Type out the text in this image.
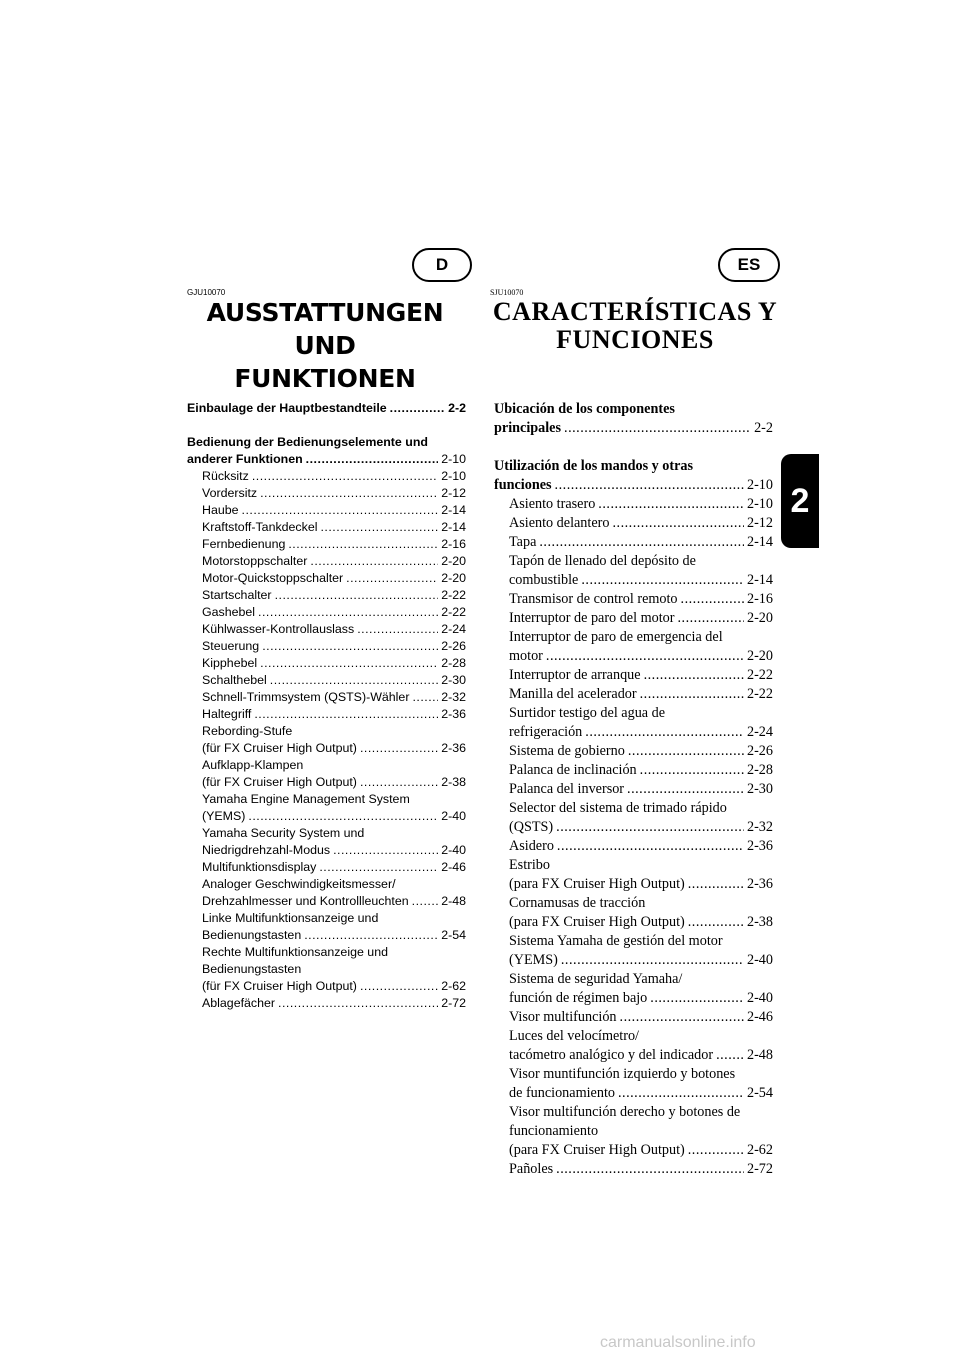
D	ES
GJU10070	SJU10070
AUSSTATTUNGEN UND
FUNKTIONEN
CARACTERÍSTICAS Y
FUNCIONES
Einbaulage der Hauptbestandteile .....	2-2
Bedienung der Bedienungselemente und
anderer Funktionen .....	2-10
Rücksitz .....	2-10
Vordersitz .....	2-12
Haube .....	2-14
Kraftstoff-Tankdeckel .....	2-14
Fernbedienung .....	2-16
Motorstoppschalter .....	2-20
Motor-Quickstoppschalter .....	2-20
Startschalter .....	2-22
Gashebel .....	2-22
Kühlwasser-Kontrollauslass .....	2-24
Steuerung .....	2-26
Kipphebel .....	2-28
Schalthebel .....	2-30
Schnell-Trimmsystem (QSTS)-Wähler .....	2-32
Haltegriff .....	2-36
Rebording-Stufe
(für FX Cruiser High Output) .....	2-36
Aufklapp-Klampen
(für FX Cruiser High Output) .....	2-38
Yamaha Engine Management System
(YEMS) .....	2-40
Yamaha Security System und
Niedrigdrehzahl-Modus .....	2-40
Multifunktionsdisplay .....	2-46
Analoger Geschwindigkeitsmesser/
Drehzahlmesser und Kontrollleuchten .....	2-48
Linke Multifunktionsanzeige und
Bedienungstasten .....	2-54
Rechte Multifunktionsanzeige und
Bedienungstasten
(für FX Cruiser High Output) .....	2-62
Ablagefächer .....	2-72
Ubicación de los componentes
principales .....	2-2
Utilización de los mandos y otras
funciones .....	2-10
Asiento trasero .....	2-10
Asiento delantero .....	2-12
Tapa .....	2-14
Tapón de llenado del depósito de
combustible .....	2-14
Transmisor de control remoto .....	2-16
Interruptor de paro del motor .....	2-20
Interruptor de paro de emergencia del
motor .....	2-20
Interruptor de arranque .....	2-22
Manilla del acelerador .....	2-22
Surtidor testigo del agua de
refrigeración .....	2-24
Sistema de gobierno .....	2-26
Palanca de inclinación .....	2-28
Palanca del inversor .....	2-30
Selector del sistema de trimado rápido
(QSTS) .....	2-32
Asidero .....	2-36
Estribo
(para FX Cruiser High Output) .....	2-36
Cornamusas de tracción
(para FX Cruiser High Output) .....	2-38
Sistema Yamaha de gestión del motor
(YEMS) .....	2-40
Sistema de seguridad Yamaha/
función de régimen bajo .....	2-40
Visor multifunción .....	2-46
Luces del velocímetro/
tacómetro analógico y del indicador ..... 2-48
Visor muntifunción izquierdo y botones
de funcionamiento .....	2-54
Visor multifunción derecho y botones de
funcionamiento
(para FX Cruiser High Output) .....	2-62
Pañoles .....	2-72
2
carmanualsonline.info
